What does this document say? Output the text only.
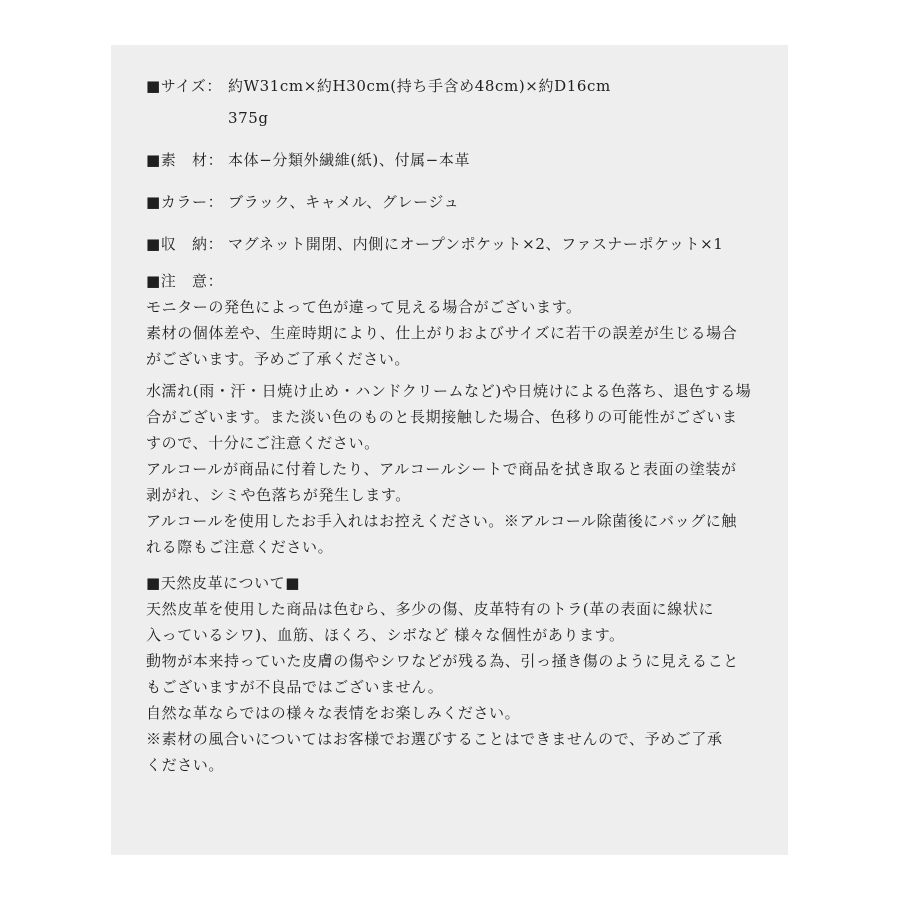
■サイズ： 約W31cm×約H30cm(持ち手含め48cm)×約D16cm
375g
■素　材： 本体−分類外繊維(紙)、付属−本革
■カラー： ブラック、キャメル、グレージュ
■収　納： マグネット開閉、内側にオープンポケット×2、ファスナーポケット×1
■注　意：
モニターの発色によって色が違って見える場合がございます。
素材の個体差や、生産時期により、仕上がりおよびサイズに若干の誤差が生じる場合
がございます。予めご了承ください。
水濡れ(雨・汗・日焼け止め・ハンドクリームなど)や日焼けによる色落ち、退色する場
合がございます。また淡い色のものと長期接触した場合、色移りの可能性がございま
すので、十分にご注意ください。
アルコールが商品に付着したり、アルコールシートで商品を拭き取ると表面の塗装が
剥がれ、シミや色落ちが発生します。
アルコールを使用したお手入れはお控えください。※アルコール除菌後にバッグに触
れる際もご注意ください。
■天然皮革について■
天然皮革を使用した商品は色むら、多少の傷、皮革特有のトラ(革の表面に線状に
入っているシワ)、血筋、ほくろ、シボなど 様々な個性があります。
動物が本来持っていた皮膚の傷やシワなどが残る為、引っ掻き傷のように見えること
もございますが不良品ではございません。
自然な革ならではの様々な表情をお楽しみください。
※素材の風合いについてはお客様でお選びすることはできませんので、予めご了承
ください。
